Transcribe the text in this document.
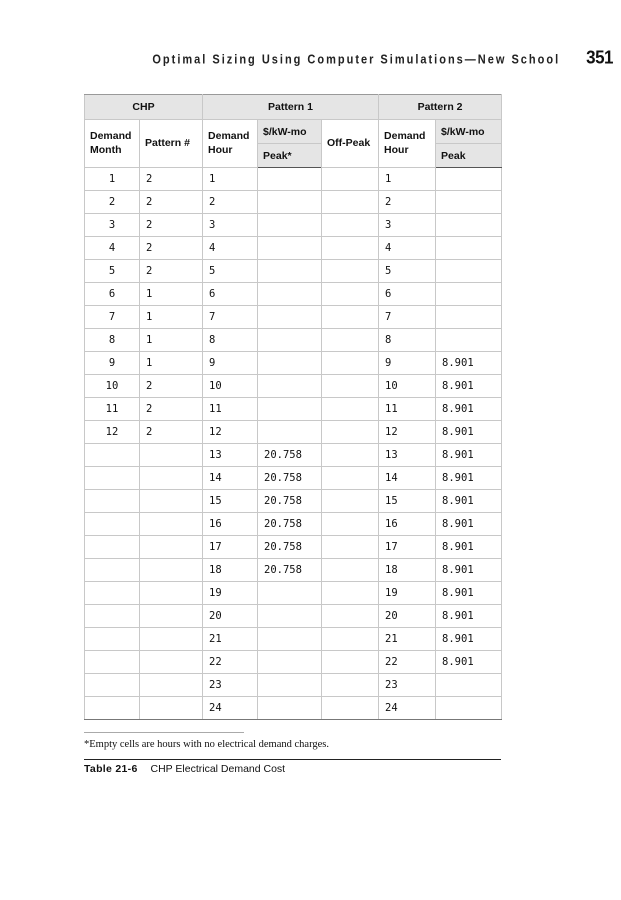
Optimal Sizing Using Computer Simulations—New School 351
CHP		Pattern 1			Pattern 2	
Demand Month	Pattern #	Demand Hour	$/kW-mo	Off-Peak	Demand Hour	$/kW-mo
			Peak*			Peak
1	2	1			1	
2	2	2			2	
3	2	3			3	
4	2	4			4	
5	2	5			5	
6	1	6			6	
7	1	7			7	
8	1	8			8	
9	1	9			9	8.901
10	2	10			10	8.901
11	2	11			11	8.901
12	2	12			12	8.901
		13	20.758		13	8.901
		14	20.758		14	8.901
		15	20.758		15	8.901
		16	20.758		16	8.901
		17	20.758		17	8.901
		18	20.758		18	8.901
		19			19	8.901
		20			20	8.901
		21			21	8.901
		22			22	8.901
		23			23	
		24			24	
*Empty cells are hours with no electrical demand charges.
Table 21-6 CHP Electrical Demand Cost
